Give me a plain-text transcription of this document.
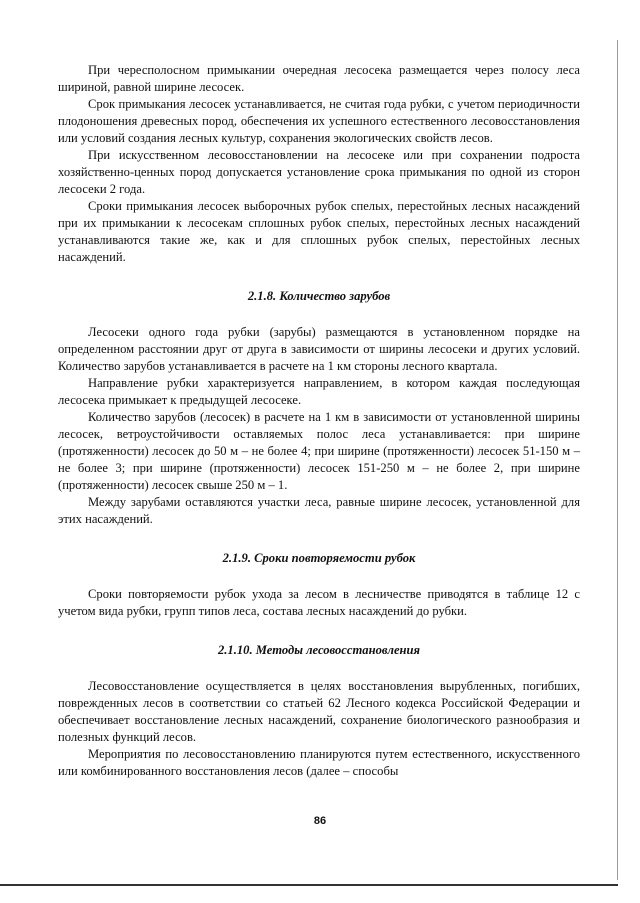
При чересполосном примыкании очередная лесосека размещается через полосу леса шириной, равной ширине лесосек.

Срок примыкания лесосек устанавливается, не считая года рубки, с учетом периодичности плодоношения древесных пород, обеспечения их успешного естественного лесовосстановления или условий создания лесных культур, сохранения экологических свойств лесов.

При искусственном лесовосстановлении на лесосеке или при сохранении подроста хозяйственно-ценных пород допускается установление срока примыкания по одной из сторон лесосеки 2 года.

Сроки примыкания лесосек выборочных рубок спелых, перестойных лесных насаждений при их примыкании к лесосекам сплошных рубок спелых, перестойных лесных насаждений устанавливаются такие же, как и для сплошных рубок спелых, перестойных лесных насаждений.

2.1.8. Количество зарубов

Лесосеки одного года рубки (зарубы) размещаются в установленном порядке на определенном расстоянии друг от друга в зависимости от ширины лесосеки и других условий. Количество зарубов устанавливается в расчете на 1 км стороны лесного квартала.

Направление рубки характеризуется направлением, в котором каждая последующая лесосека примыкает к предыдущей лесосеке.

Количество зарубов (лесосек) в расчете на 1 км в зависимости от установленной ширины лесосек, ветроустойчивости оставляемых полос леса устанавливается: при ширине (протяженности) лесосек до 50 м – не более 4; при ширине (протяженности) лесосек 51-150 м – не более 3; при ширине (протяженности) лесосек 151-250 м – не более 2, при ширине (протяженности) лесосек свыше 250 м – 1.

Между зарубами оставляются участки леса, равные ширине лесосек, установленной для этих насаждений.

2.1.9. Сроки повторяемости рубок

Сроки повторяемости рубок ухода за лесом в лесничестве приводятся в таблице 12 с учетом вида рубки, групп типов леса, состава лесных насаждений до рубки.

2.1.10. Методы лесовосстановления

Лесовосстановление осуществляется в целях восстановления вырубленных, погибших, поврежденных лесов в соответствии со статьей 62 Лесного кодекса Российской Федерации и обеспечивает восстановление лесных насаждений, сохранение биологического разнообразия и полезных функций лесов.

Мероприятия по лесовосстановлению планируются путем естественного, искусственного или комбинированного восстановления лесов (далее – способы

86
